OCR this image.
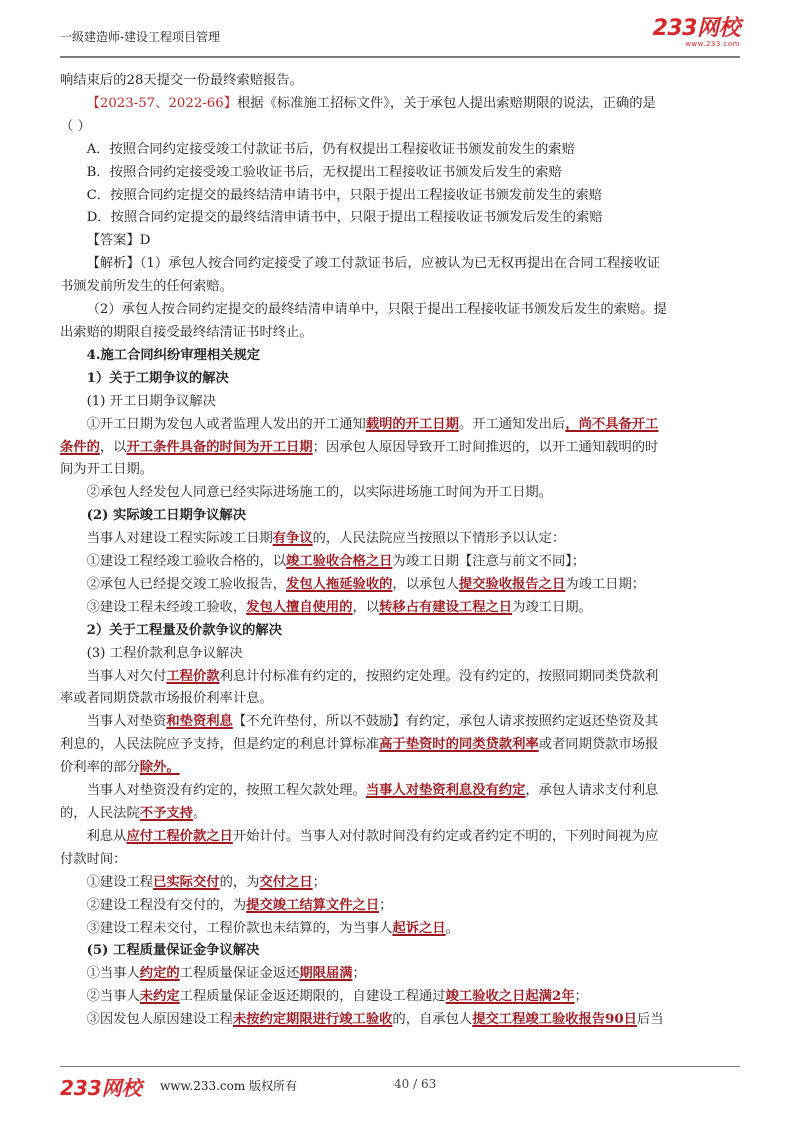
一级建造师-建设工程项目管理	233网校
www.233.com

响结束后的28天提交一份最终索赔报告。

【2023-57、2022-66】根据《标准施工招标文件》，关于承包人提出索赔期限的说法，正确的是

（ ）

A．按照合同约定接受竣工付款证书后，仍有权提出工程接收证书颁发前发生的索赔

B．按照合同约定接受竣工验收证书后，无权提出工程接收证书颁发后发生的索赔

C．按照合同约定提交的最终结清申请书中，只限于提出工程接收证书颁发前发生的索赔

D．按照合同约定提交的最终结清申请书中，只限于提出工程接收证书颁发后发生的索赔

【答案】D

【解析】（1）承包人按合同约定接受了竣工付款证书后，应被认为已无权再提出在合同工程接收证

书颁发前所发生的任何索赔。

（2）承包人按合同约定提交的最终结清申请单中，只限于提出工程接收证书颁发后发生的索赔。提

出索赔的期限自接受最终结清证书时终止。

4.施工合同纠纷审理相关规定

1）关于工期争议的解决

(1) 开工日期争议解决

①开工日期为发包人或者监理人发出的开工通知载明的开工日期。开工通知发出后，尚不具备开工

条件的，以开工条件具备的时间为开工日期；因承包人原因导致开工时间推迟的，以开工通知载明的时

间为开工日期。

②承包人经发包人同意已经实际进场施工的，以实际进场施工时间为开工日期。

(2) 实际竣工日期争议解决

当事人对建设工程实际竣工日期有争议的，人民法院应当按照以下情形予以认定：

①建设工程经竣工验收合格的，以竣工验收合格之日为竣工日期【注意与前文不同】；

②承包人已经提交竣工验收报告，发包人拖延验收的，以承包人提交验收报告之日为竣工日期；

③建设工程未经竣工验收，发包人擅自使用的，以转移占有建设工程之日为竣工日期。

2）关于工程量及价款争议的解决

(3) 工程价款利息争议解决

当事人对欠付工程价款利息计付标准有约定的，按照约定处理。没有约定的，按照同期同类贷款利

率或者同期贷款市场报价利率计息。

当事人对垫资和垫资利息【不允许垫付，所以不鼓励】有约定，承包人请求按照约定返还垫资及其

利息的，人民法院应予支持，但是约定的利息计算标准高于垫资时的同类贷款利率或者同期贷款市场报

价利率的部分除外。

当事人对垫资没有约定的，按照工程欠款处理。当事人对垫资利息没有约定，承包人请求支付利息

的，人民法院不予支持。

利息从应付工程价款之日开始计付。当事人对付款时间没有约定或者约定不明的，下列时间视为应

付款时间：

①建设工程已实际交付的，为交付之日；

②建设工程没有交付的，为提交竣工结算文件之日；

③建设工程未交付，工程价款也未结算的，为当事人起诉之日。

(5) 工程质量保证金争议解决

①当事人约定的工程质量保证金返还期限届满；

②当事人未约定工程质量保证金返还期限的，自建设工程通过竣工验收之日起满2年；

③因发包人原因建设工程未按约定期限进行竣工验收的，自承包人提交工程竣工验收报告90日后当

233网校 www.233.com 版权所有	40 / 63
